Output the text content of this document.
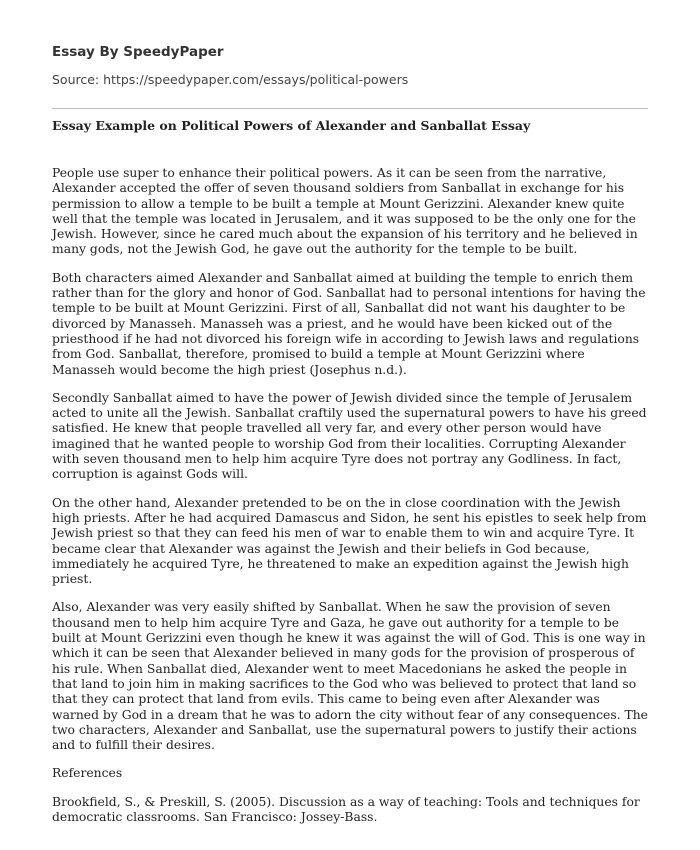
Essay By SpeedyPaper
Source: https://speedypaper.com/essays/political-powers
Essay Example on Political Powers of Alexander and Sanballat Essay

People use super to enhance their political powers. As it can be seen from the narrative, Alexander accepted the offer of seven thousand soldiers from Sanballat in exchange for his permission to allow a temple to be built a temple at Mount Gerizzini. Alexander knew quite well that the temple was located in Jerusalem, and it was supposed to be the only one for the Jewish. However, since he cared much about the expansion of his territory and he believed in many gods, not the Jewish God, he gave out the authority for the temple to be built.

Both characters aimed Alexander and Sanballat aimed at building the temple to enrich them rather than for the glory and honor of God. Sanballat had to personal intentions for having the temple to be built at Mount Gerizzini. First of all, Sanballat did not want his daughter to be divorced by Manasseh. Manasseh was a priest, and he would have been kicked out of the priesthood if he had not divorced his foreign wife in according to Jewish laws and regulations from God. Sanballat, therefore, promised to build a temple at Mount Gerizzini where Manasseh would become the high priest (Josephus n.d.).

Secondly Sanballat aimed to have the power of Jewish divided since the temple of Jerusalem acted to unite all the Jewish. Sanballat craftily used the supernatural powers to have his greed satisfied. He knew that people travelled all very far, and every other person would have imagined that he wanted people to worship God from their localities. Corrupting Alexander with seven thousand men to help him acquire Tyre does not portray any Godliness. In fact, corruption is against Gods will.

On the other hand, Alexander pretended to be on the in close coordination with the Jewish high priests. After he had acquired Damascus and Sidon, he sent his epistles to seek help from Jewish priest so that they can feed his men of war to enable them to win and acquire Tyre. It became clear that Alexander was against the Jewish and their beliefs in God because, immediately he acquired Tyre, he threatened to make an expedition against the Jewish high priest.

Also, Alexander was very easily shifted by Sanballat. When he saw the provision of seven thousand men to help him acquire Tyre and Gaza, he gave out authority for a temple to be built at Mount Gerizzini even though he knew it was against the will of God. This is one way in which it can be seen that Alexander believed in many gods for the provision of prosperous of his rule. When Sanballat died, Alexander went to meet Macedonians he asked the people in that land to join him in making sacrifices to the God who was believed to protect that land so that they can protect that land from evils. This came to being even after Alexander was warned by God in a dream that he was to adorn the city without fear of any consequences. The two characters, Alexander and Sanballat, use the supernatural powers to justify their actions and to fulfill their desires.

References

Brookfield, S., & Preskill, S. (2005). Discussion as a way of teaching: Tools and techniques for democratic classrooms. San Francisco: Jossey-Bass.
